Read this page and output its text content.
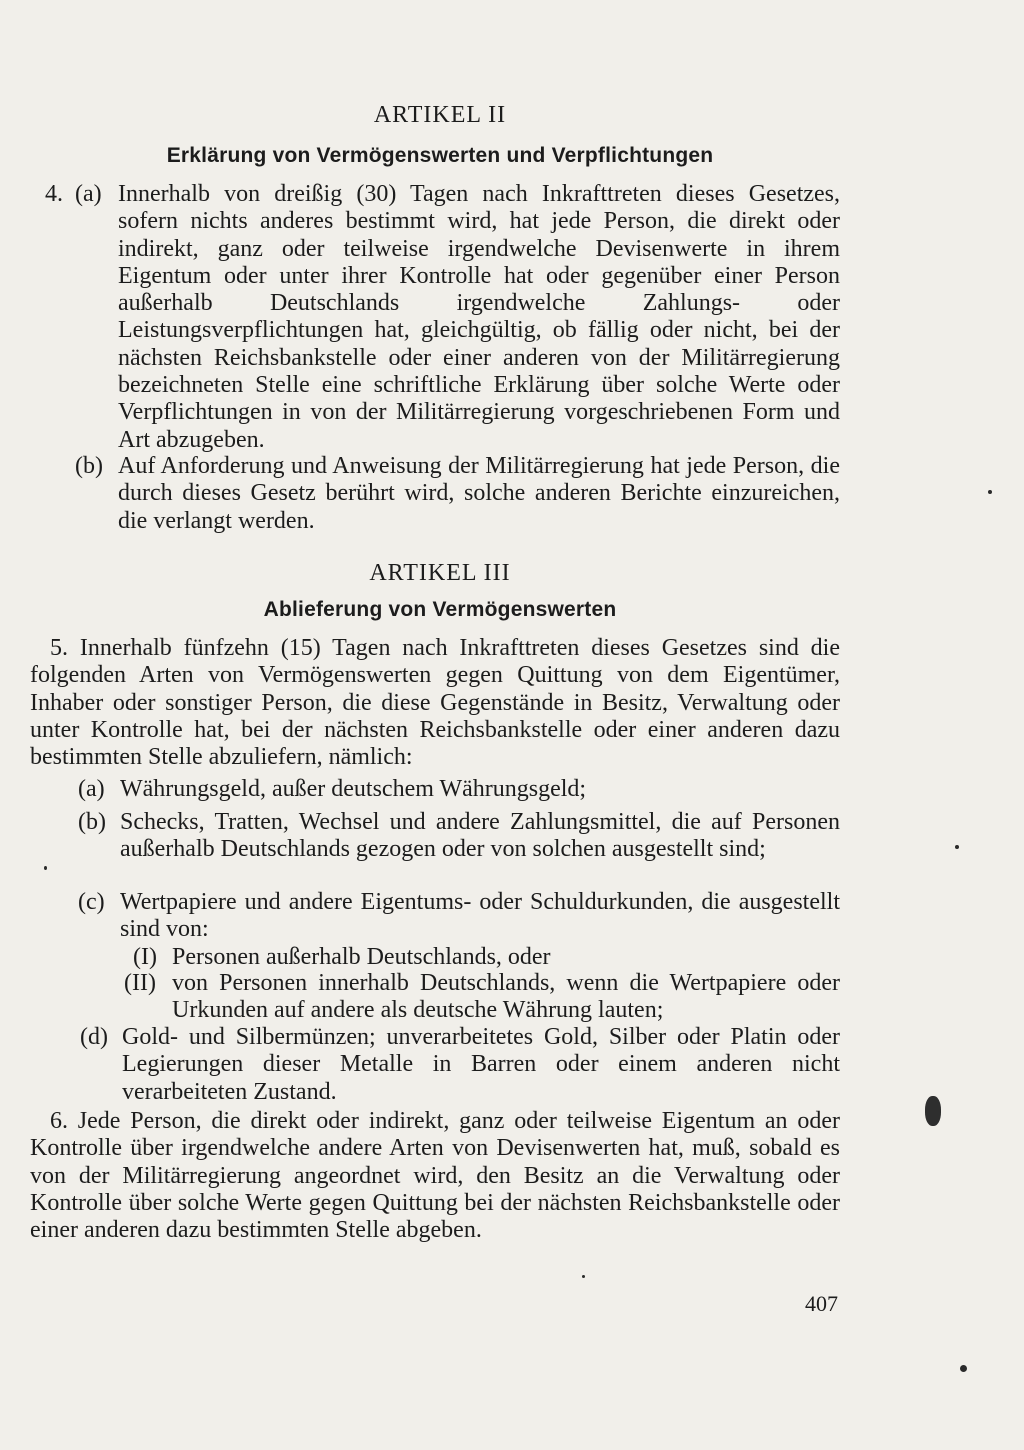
ARTIKEL II
Erklärung von Vermögenswerten und Verpflichtungen
4. (a) Innerhalb von dreißig (30) Tagen nach Inkrafttreten dieses Gesetzes, sofern nichts anderes bestimmt wird, hat jede Person, die direkt oder indirekt, ganz oder teilweise irgendwelche Devisenwerte in ihrem Eigentum oder unter ihrer Kontrolle hat oder gegenüber einer Person außerhalb Deutschlands irgendwelche Zahlungs- oder Leistungsverpflichtungen hat, gleichgültig, ob fällig oder nicht, bei der nächsten Reichsbankstelle oder einer anderen von der Militärregierung bezeichneten Stelle eine schriftliche Erklärung über solche Werte oder Verpflichtungen in von der Militärregierung vorgeschriebenen Form und Art abzugeben.
(b) Auf Anforderung und Anweisung der Militärregierung hat jede Person, die durch dieses Gesetz berührt wird, solche anderen Berichte einzureichen, die verlangt werden.
ARTIKEL III
Ablieferung von Vermögenswerten
5. Innerhalb fünfzehn (15) Tagen nach Inkrafttreten dieses Gesetzes sind die folgenden Arten von Vermögenswerten gegen Quittung von dem Eigentümer, Inhaber oder sonstiger Person, die diese Gegenstände in Besitz, Verwaltung oder unter Kontrolle hat, bei der nächsten Reichsbankstelle oder einer anderen dazu bestimmten Stelle abzuliefern, nämlich:
(a) Währungsgeld, außer deutschem Währungsgeld;
(b) Schecks, Tratten, Wechsel und andere Zahlungsmittel, die auf Personen außerhalb Deutschlands gezogen oder von solchen ausgestellt sind;
(c) Wertpapiere und andere Eigentums- oder Schuldurkunden, die ausgestellt sind von:
(I) Personen außerhalb Deutschlands, oder
(II) von Personen innerhalb Deutschlands, wenn die Wertpapiere oder Urkunden auf andere als deutsche Währung lauten;
(d) Gold- und Silbermünzen; unverarbeitetes Gold, Silber oder Platin oder Legierungen dieser Metalle in Barren oder einem anderen nicht verarbeiteten Zustand.
6. Jede Person, die direkt oder indirekt, ganz oder teilweise Eigentum an oder Kontrolle über irgendwelche andere Arten von Devisenwerten hat, muß, sobald es von der Militärregierung angeordnet wird, den Besitz an die Verwaltung oder Kontrolle über solche Werte gegen Quittung bei der nächsten Reichsbankstelle oder einer anderen dazu bestimmten Stelle abgeben.
407
